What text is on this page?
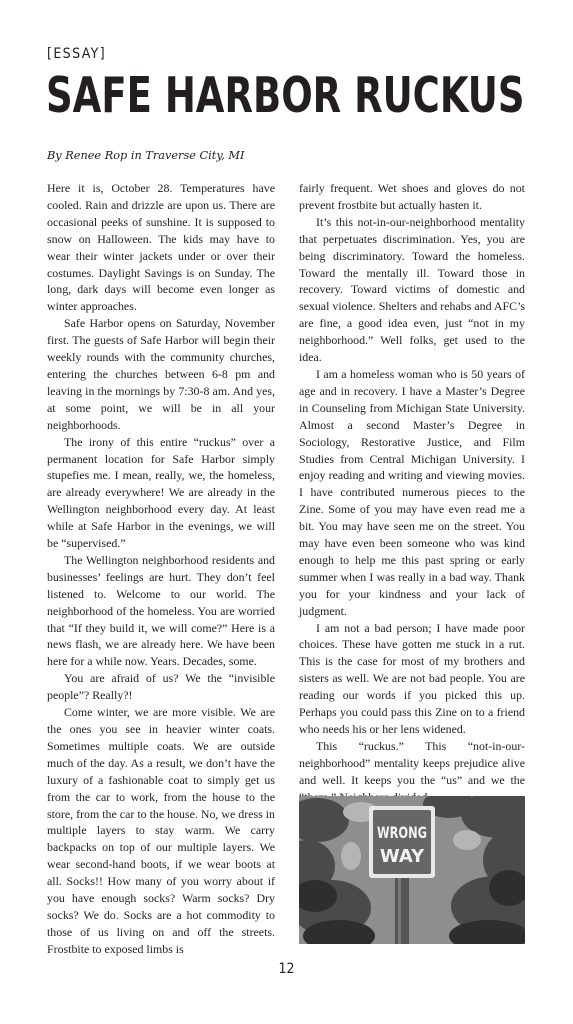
[ESSAY]
SAFE HARBOR RUCKUS
By Renee Rop in Traverse City, MI

Here it is, October 28. Temperatures have cooled. Rain and drizzle are upon us. There are occasional peeks of sunshine. It is supposed to snow on Halloween. The kids may have to wear their winter jackets under or over their costumes. Daylight Savings is on Sunday. The long, dark days will become even longer as winter approaches.

Safe Harbor opens on Saturday, November first. The guests of Safe Harbor will begin their weekly rounds with the community churches, entering the churches between 6-8 pm and leaving in the mornings by 7:30-8 am. And yes, at some point, we will be in all your neighborhoods.

The irony of this entire “ruckus” over a permanent location for Safe Harbor simply stupefies me. I mean, really, we, the homeless, are already everywhere! We are already in the Wellington neighborhood every day. At least while at Safe Harbor in the evenings, we will be “supervised.”

The Wellington neighborhood residents and businesses’ feelings are hurt. They don’t feel listened to. Welcome to our world. The neighborhood of the homeless. You are worried that “If they build it, we will come?” Here is a news flash, we are already here. We have been here for a while now. Years. Decades, some.

You are afraid of us? We the “invisible people”? Really?!

Come winter, we are more visible. We are the ones you see in heavier winter coats. Sometimes multiple coats. We are outside much of the day. As a result, we don’t have the luxury of a fashionable coat to simply get us from the car to work, from the house to the store, from the car to the house. No, we dress in multiple layers to stay warm. We carry backpacks on top of our multiple layers. We wear second-hand boots, if we wear boots at all. Socks!! How many of you worry about if you have enough socks? Warm socks? Dry socks? We do. Socks are a hot commodity to those of us living on and off the streets. Frostbite to exposed limbs is

fairly frequent. Wet shoes and gloves do not prevent frostbite but actually hasten it.

It’s this not-in-our-neighborhood mentality that perpetuates discrimination. Yes, you are being discriminatory. Toward the homeless. Toward the mentally ill. Toward those in recovery. Toward victims of domestic and sexual violence. Shelters and rehabs and AFC’s are fine, a good idea even, just “not in my neighborhood.” Well folks, get used to the idea.

I am a homeless woman who is 50 years of age and in recovery. I have a Master’s Degree in Counseling from Michigan State University. Almost a second Master’s Degree in Sociology, Restorative Justice, and Film Studies from Central Michigan University. I enjoy reading and writing and viewing movies. I have contributed numerous pieces to the Zine. Some of you may have even read me a bit. You may have seen me on the street. You may have even been someone who was kind enough to help me this past spring or early summer when I was really in a bad way. Thank you for your kindness and your lack of judgment.

I am not a bad person; I have made poor choices. These have gotten me stuck in a rut. This is the case for most of my brothers and sisters as well. We are not bad people. You are reading our words if you picked this up. Perhaps you could pass this Zine on to a friend who needs his or her lens widened.

This “ruckus.” This “not-in-our-neighborhood” mentality keeps prejudice alive and well. It keeps you the “us” and we the

WRONG
WAY
12
